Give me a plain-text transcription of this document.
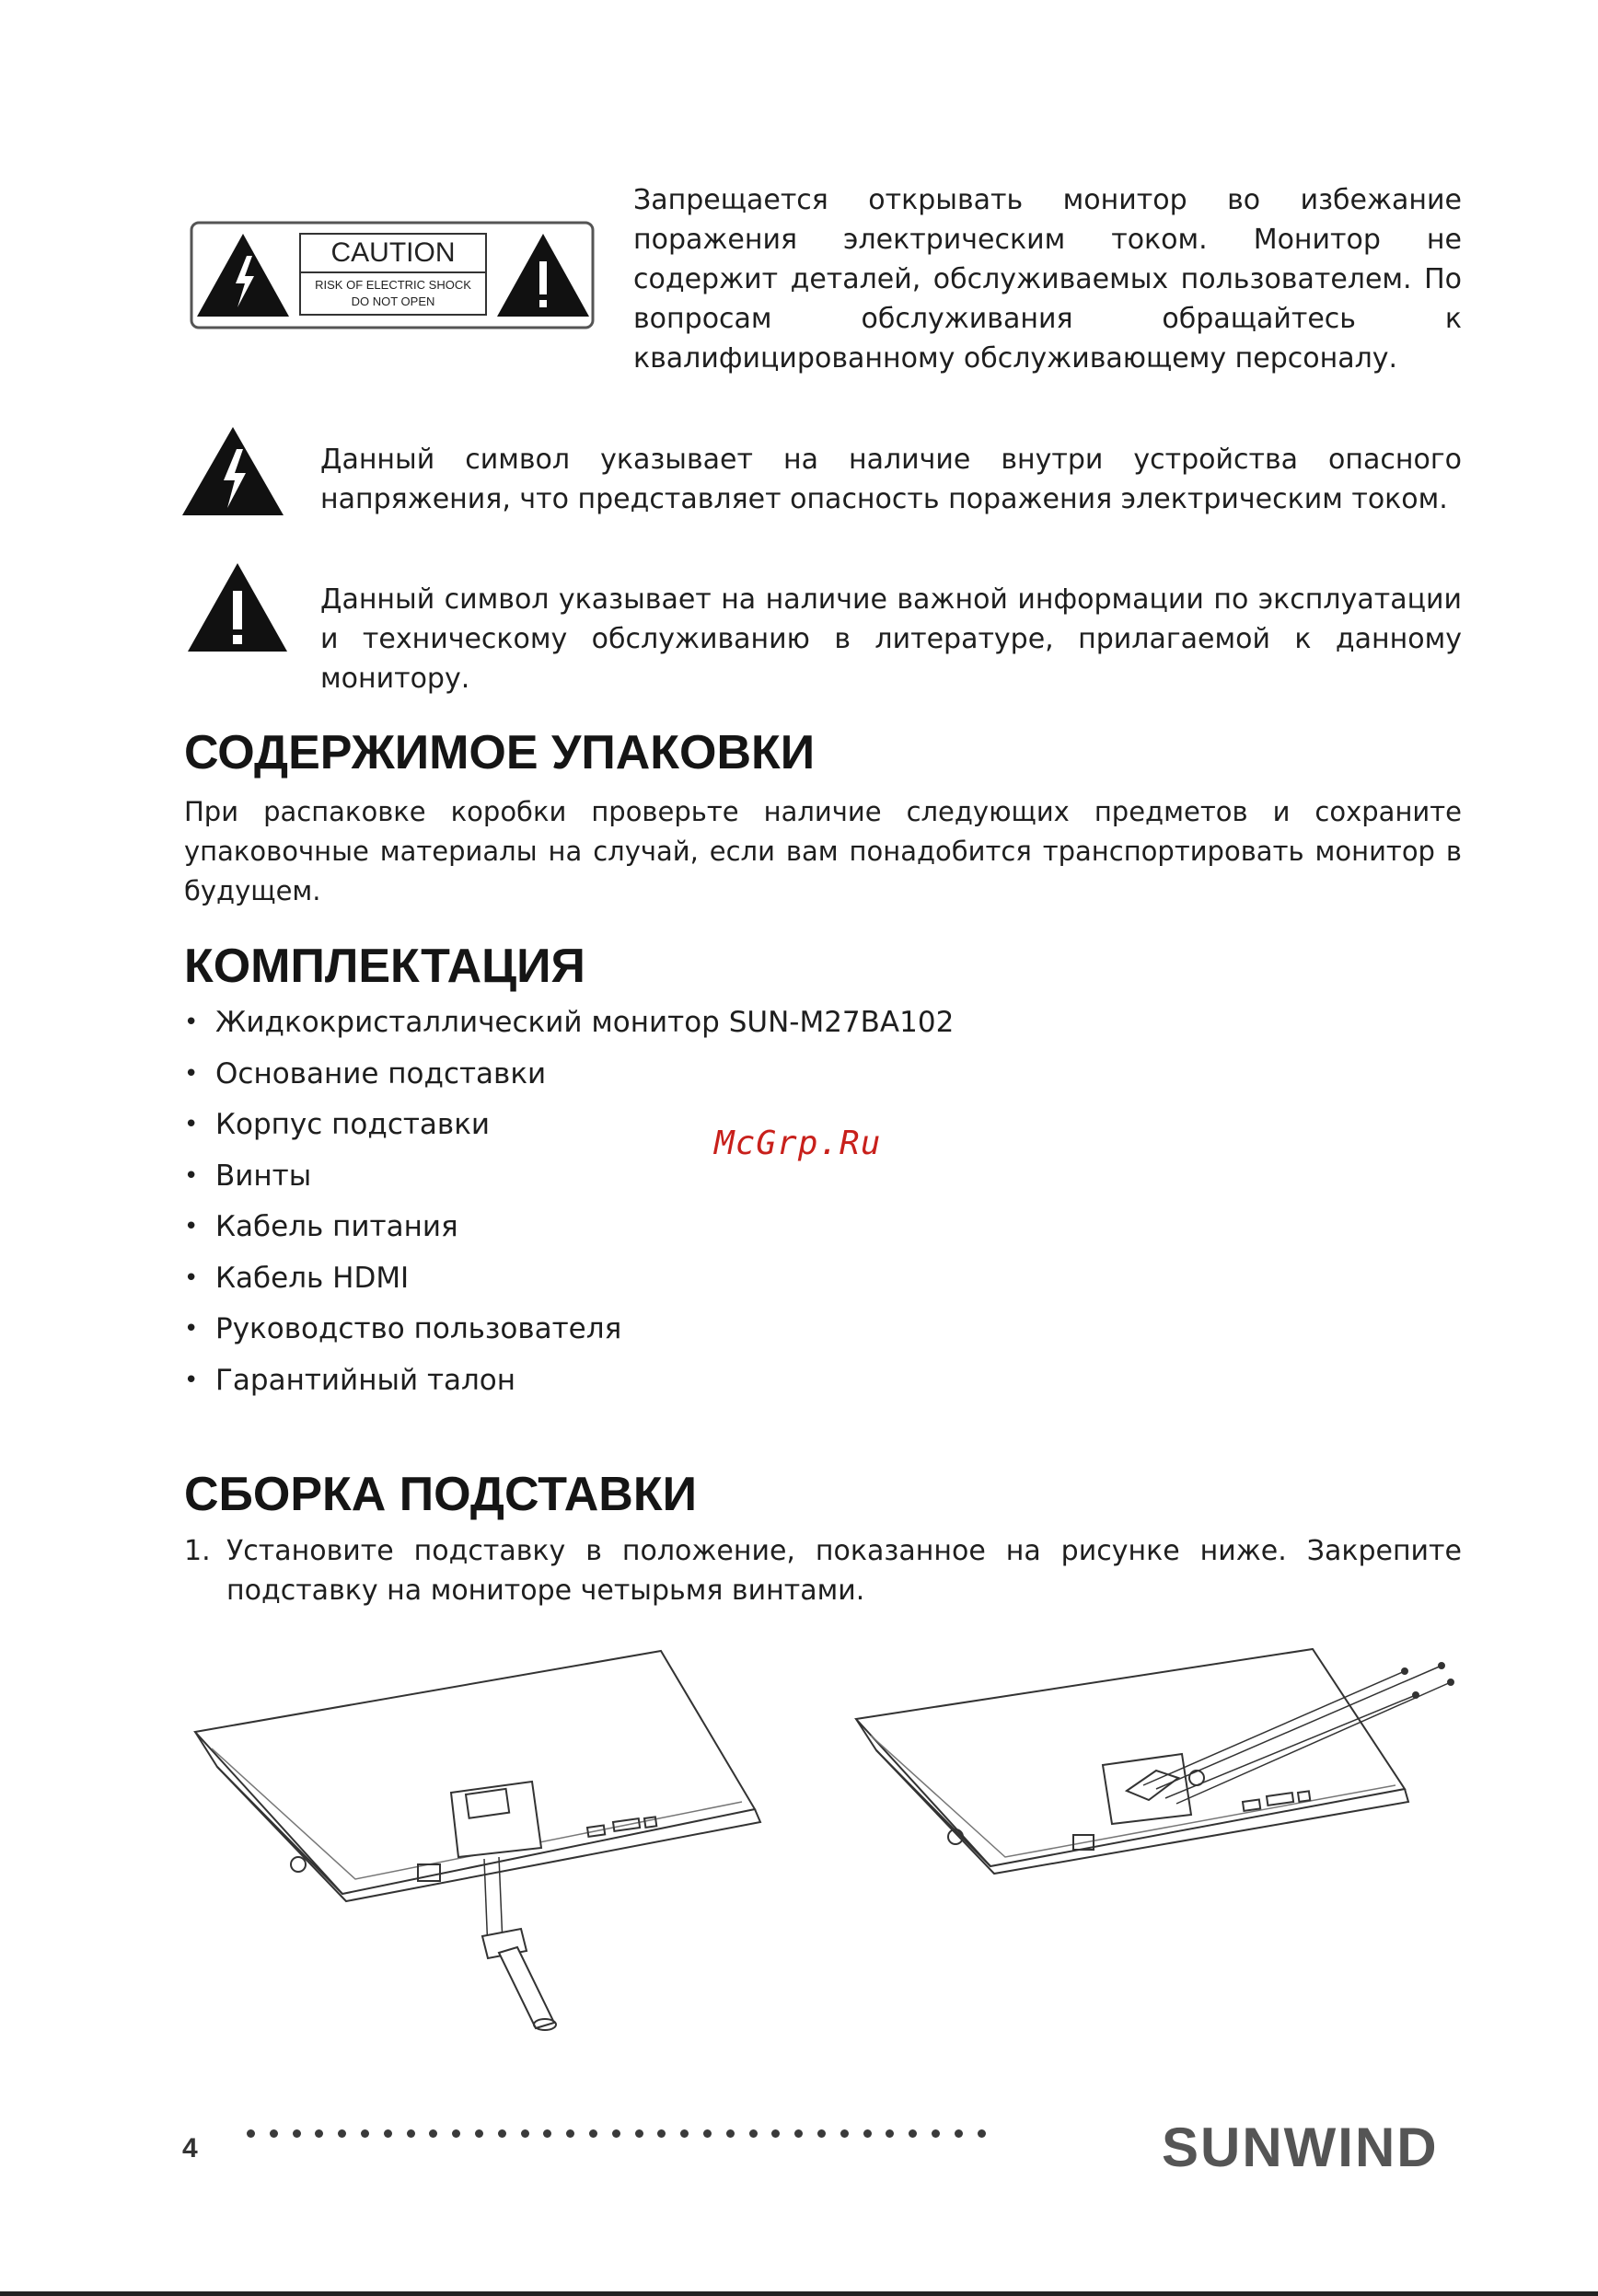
CAUTION
RISK OF ELECTRIC SHOCK
DO NOT OPEN

Запрещается открывать монитор во избежание поражения электрическим током. Монитор не содержит деталей, обслуживаемых пользователем. По вопросам обслуживания обращайтесь к квалифицированному обслуживающему персоналу.

Данный символ указывает на наличие внутри устройства опасного напряжения, что представляет опасность поражения электрическим током.

Данный символ указывает на наличие важной информации по эксплуатации и техническому обслуживанию в литературе, прилагаемой к данному монитору.

СОДЕРЖИМОЕ УПАКОВКИ

При распаковке коробки проверьте наличие следующих предметов и сохраните упаковочные материалы на случай, если вам понадобится транспортировать монитор в будущем.

КОМПЛЕКТАЦИЯ
• Жидкокристаллический монитор SUN-M27BA102
• Основание подставки
• Корпус подставки
• Винты
• Кабель питания
• Кабель HDMI
• Руководство пользователя
• Гарантийный талон
McGrp.Ru
СБОРКА ПОДСТАВКИ
1. Установите подставку в положение, показанное на рисунке ниже. Закрепите подставку на мониторе четырьмя винтами.

4	SUNWIND
